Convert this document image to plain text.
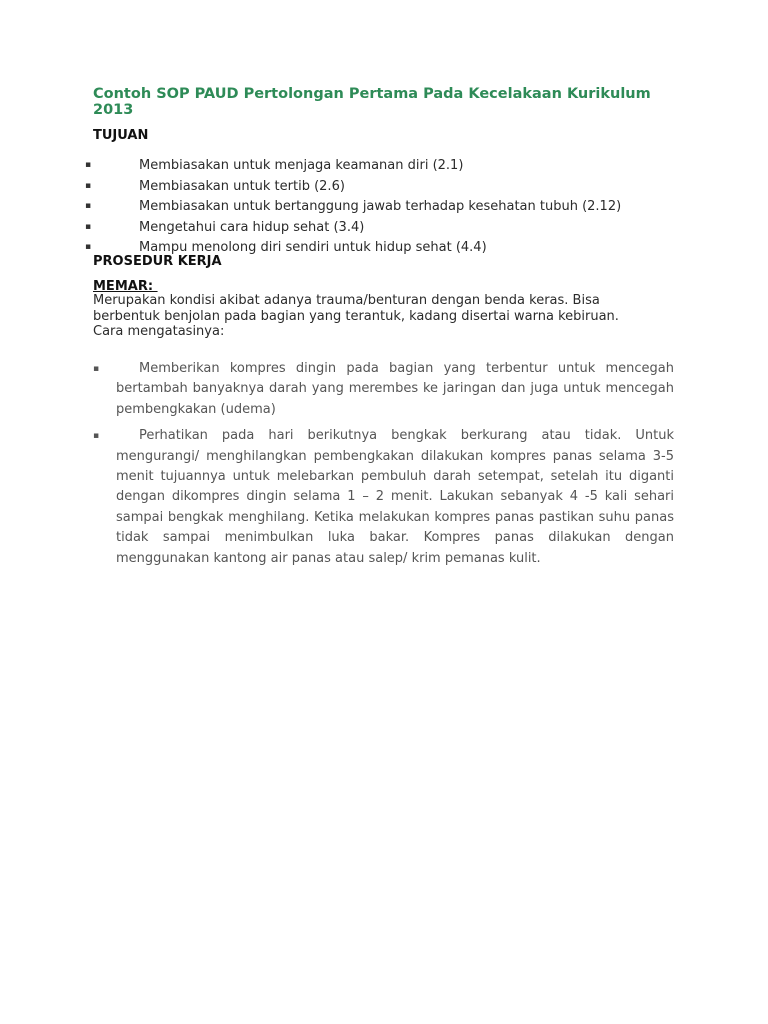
Contoh SOP PAUD Pertolongan Pertama Pada Kecelakaan Kurikulum 2013
TUJUAN
▪	Membiasakan untuk menjaga keamanan diri (2.1)
▪	Membiasakan untuk tertib (2.6)
▪	Membiasakan untuk bertanggung jawab terhadap kesehatan tubuh (2.12)
▪	Mengetahui cara hidup sehat (3.4)
▪	Mampu menolong diri sendiri untuk hidup sehat (4.4)
PROSEDUR KERJA
MEMAR:

Merupakan kondisi akibat adanya trauma/benturan dengan benda keras. Bisa berbentuk benjolan pada bagian yang terantuk, kadang disertai warna kebiruan. Cara mengatasinya:

▪	Memberikan kompres dingin pada bagian yang terbentur untuk mencegah bertambah banyaknya darah yang merembes ke jaringan dan juga untuk mencegah pembengkakan (udema)
▪	Perhatikan pada hari berikutnya bengkak berkurang atau tidak. Untuk mengurangi/ menghilangkan pembengkakan dilakukan kompres panas selama 3-5 menit tujuannya untuk melebarkan pembuluh darah setempat, setelah itu diganti dengan dikompres dingin selama 1 – 2 menit. Lakukan sebanyak 4 -5 kali sehari sampai bengkak menghilang. Ketika melakukan kompres panas pastikan suhu panas tidak sampai menimbulkan luka bakar. Kompres panas dilakukan dengan menggunakan kantong air panas atau salep/ krim pemanas kulit.
